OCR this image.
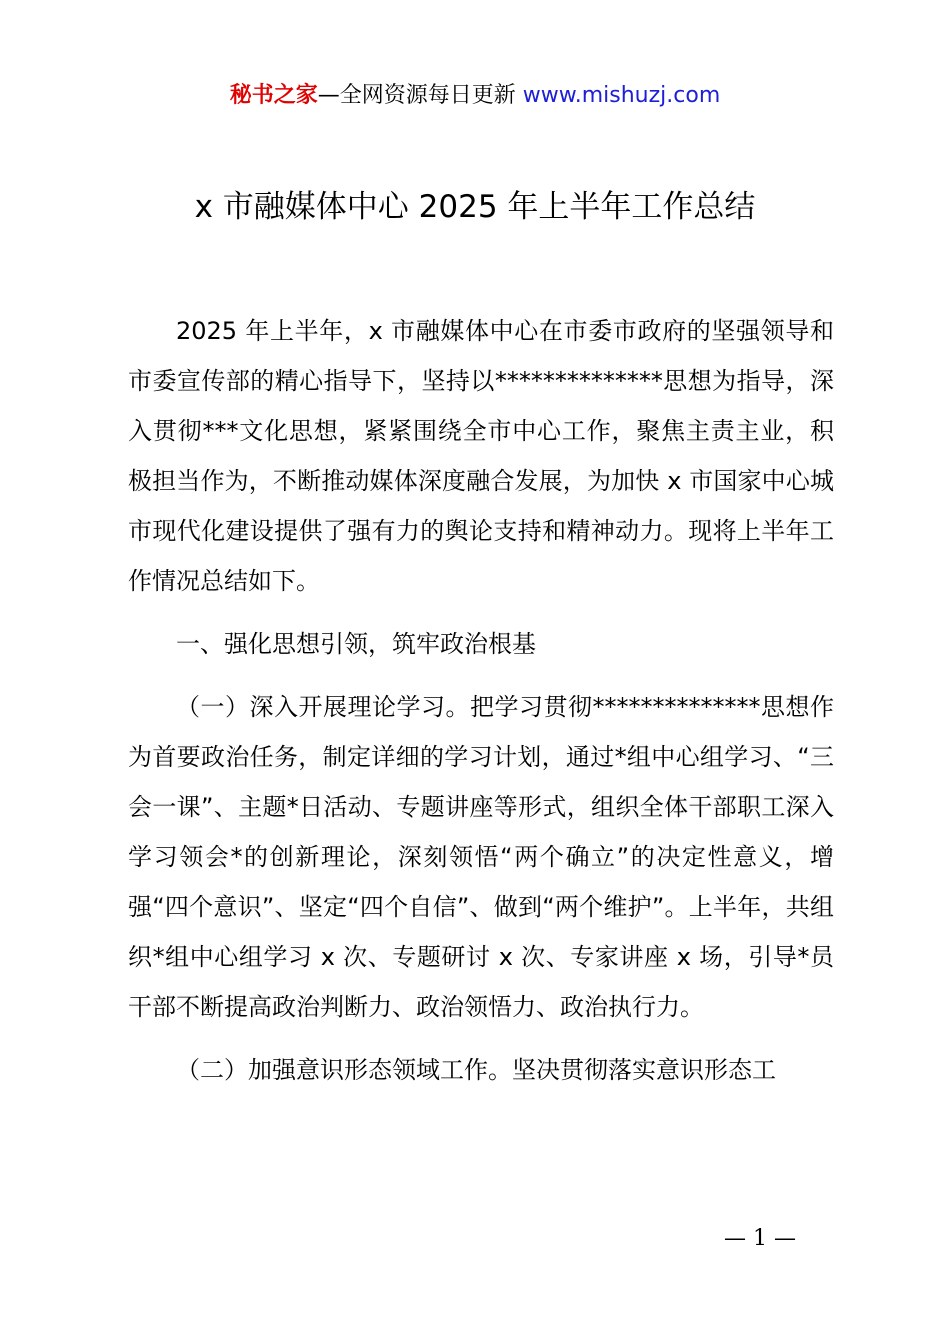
秘书之家—全网资源每日更新 www.mishuzj.com
x 市融媒体中心 2025 年上半年工作总结

2025 年上半年，x 市融媒体中心在市委市政府的坚强领导和市委宣传部的精心指导下，坚持以**************思想为指导，深入贯彻***文化思想，紧紧围绕全市中心工作，聚焦主责主业，积极担当作为，不断推动媒体深度融合发展，为加快 x 市国家中心城市现代化建设提供了强有力的舆论支持和精神动力。现将上半年工作情况总结如下。

一、强化思想引领，筑牢政治根基

（一）深入开展理论学习。把学习贯彻**************思想作为首要政治任务，制定详细的学习计划，通过*组中心组学习、“三会一课”、主题*日活动、专题讲座等形式，组织全体干部职工深入学习领会*的创新理论，深刻领悟“两个确立”的决定性意义，增强“四个意识”、坚定“四个自信”、做到“两个维护”。上半年，共组织*组中心组学习 x 次、专题研讨 x 次、专家讲座 x 场，引导*员干部不断提高政治判断力、政治领悟力、政治执行力。

（二）加强意识形态领域工作。坚决贯彻落实意识形态工

— 1 —
